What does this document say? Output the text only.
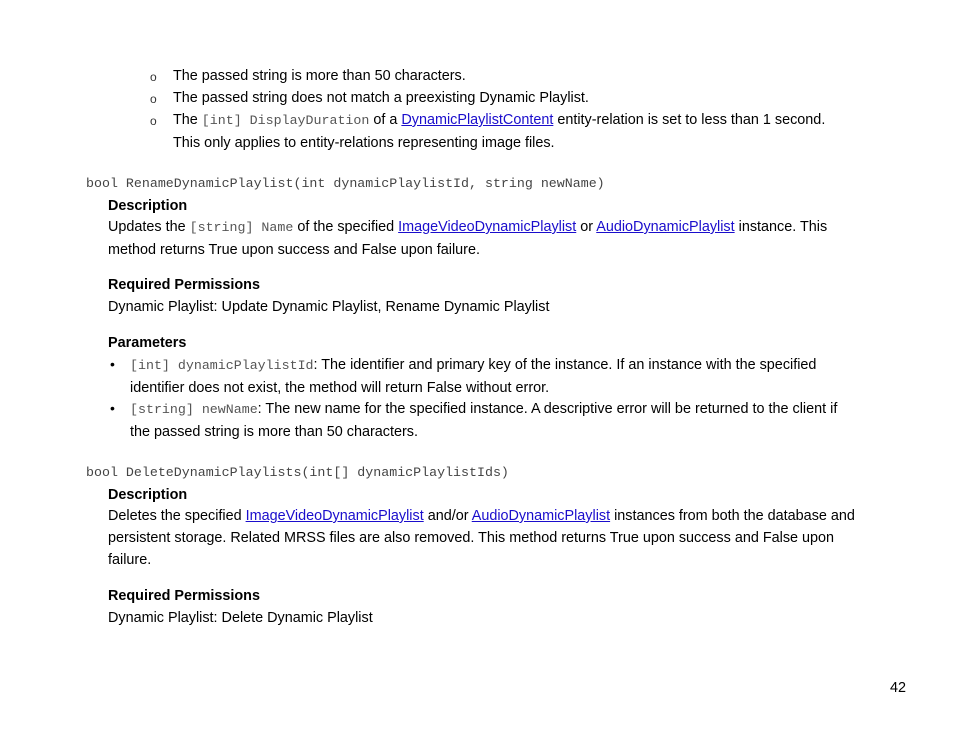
o The passed string is more than 50 characters.
o The passed string does not match a preexisting Dynamic Playlist.
o The [int] DisplayDuration of a DynamicPlaylistContent entity-relation is set to less than 1 second.
This only applies to entity-relations representing image files.
bool RenameDynamicPlaylist(int dynamicPlaylistId, string newName)
Description
Updates the [string] Name of the specified ImageVideoDynamicPlaylist or AudioDynamicPlaylist instance. This
method returns True upon success and False upon failure.
Required Permissions
Dynamic Playlist: Update Dynamic Playlist, Rename Dynamic Playlist
Parameters
• [int] dynamicPlaylistId: The identifier and primary key of the instance. If an instance with the specified
identifier does not exist, the method will return False without error.
• [string] newName: The new name for the specified instance. A descriptive error will be returned to the client if
the passed string is more than 50 characters.
bool DeleteDynamicPlaylists(int[] dynamicPlaylistIds)
Description
Deletes the specified ImageVideoDynamicPlaylist and/or AudioDynamicPlaylist instances from both the database and
persistent storage. Related MRSS files are also removed. This method returns True upon success and False upon
failure.
Required Permissions
Dynamic Playlist: Delete Dynamic Playlist
42
